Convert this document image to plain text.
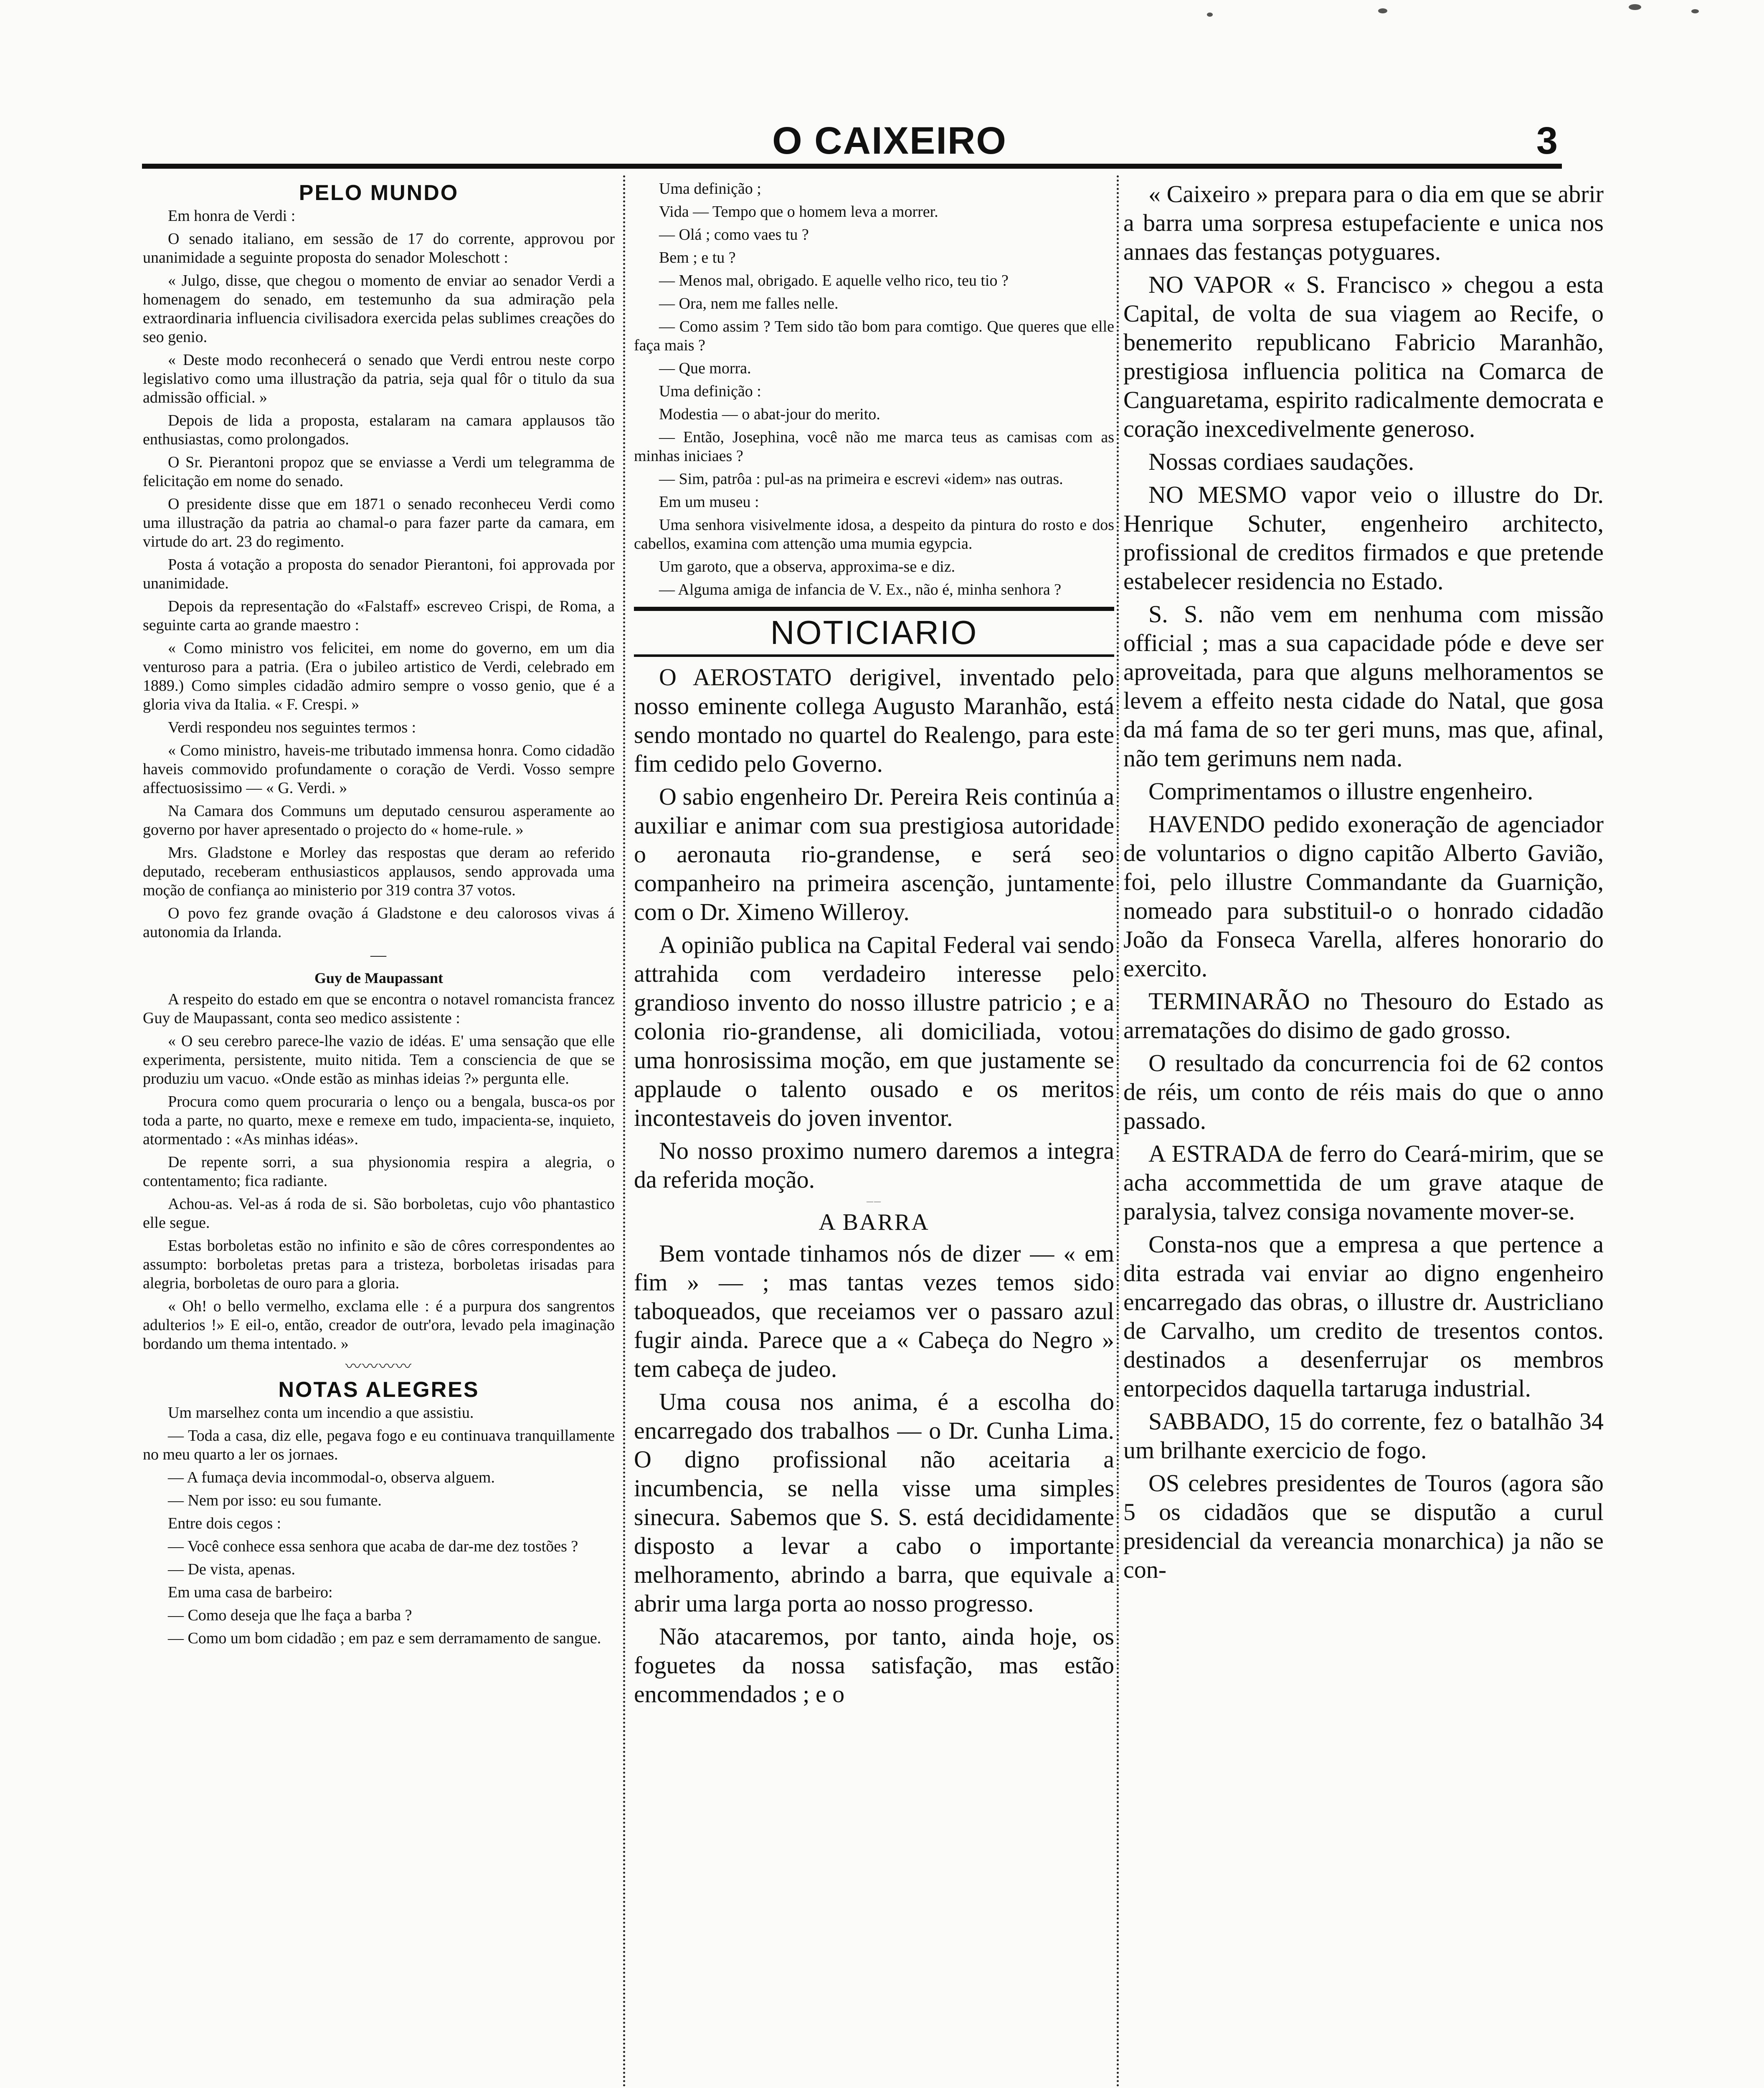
O CAIXEIRO	3
PELO MUNDO

Em honra de Verdi :

O senado italiano, em sessão de 17 do corrente, approvou por unanimidade a seguinte proposta do senador Moleschott :

« Julgo, disse, que chegou o momento de enviar ao senador Verdi a homenagem do senado, em testemunho da sua admiração pela extraordinaria influencia civilisadora exercida pelas sublimes creações do seo genio.

« Deste modo reconhecerá o senado que Verdi entrou neste corpo legislativo como uma illustração da patria, seja qual fôr o titulo da sua admissão official. »

Depois de lida a proposta, estalaram na camara applausos tão enthusiastas, como prolongados.

O Sr. Pierantoni propoz que se enviasse a Verdi um telegramma de felicitação em nome do senado.

O presidente disse que em 1871 o senado reconheceu Verdi como uma illustração da patria ao chamal-o para fazer parte da camara, em virtude do art. 23 do regimento.

Posta á votação a proposta do senador Pierantoni, foi approvada por unanimidade.

Depois da representação do «Falstaff» escreveo Crispi, de Roma, a seguinte carta ao grande maestro :

« Como ministro vos felicitei, em nome do governo, em um dia venturoso para a patria. (Era o jubileo artistico de Verdi, celebrado em 1889.) Como simples cidadão admiro sempre o vosso genio, que é a gloria viva da Italia. « F. Crespi. »

Verdi respondeu nos seguintes termos :

« Como ministro, haveis-me tributado immensa honra. Como cidadão haveis commovido profundamente o coração de Verdi. Vosso sempre affectuosissimo — « G. Verdi. »

Na Camara dos Communs um deputado censurou asperamente ao governo por haver apresentado o projecto do « home-rule. »

Mrs. Gladstone e Morley das respostas que deram ao referido deputado, receberam enthusiasticos applausos, sendo approvada uma moção de confiança ao ministerio por 319 contra 37 votos.

O povo fez grande ovação á Gladstone e deu calorosos vivas á autonomia da Irlanda.

—
Guy de Maupassant

A respeito do estado em que se encontra o notavel romancista francez Guy de Maupassant, conta seo medico assistente :

« O seu cerebro parece-lhe vazio de idéas. E' uma sensação que elle experimenta, persistente, muito nitida. Tem a consciencia de que se produziu um vacuo. «Onde estão as minhas ideias ?» pergunta elle.

Procura como quem procuraria o lenço ou a bengala, busca-os por toda a parte, no quarto, mexe e remexe em tudo, impacienta-se, inquieto, atormentado : «As minhas idéas».

De repente sorri, a sua physionomia respira a alegria, o contentamento; fica radiante.

Achou-as. Vel-as á roda de si. São borboletas, cujo vôo phantastico elle segue.

Estas borboletas estão no infinito e são de côres correspondentes ao assumpto: borboletas pretas para a tristeza, borboletas irisadas para alegria, borboletas de ouro para a gloria.

« Oh! o bello vermelho, exclama elle : é a purpura dos sangrentos adulterios !» E eil-o, então, creador de outr'ora, levado pela imaginação bordando um thema intentado. »

〰〰〰〰
NOTAS ALEGRES

Um marselhez conta um incendio a que assistiu.

— Toda a casa, diz elle, pegava fogo e eu continuava tranquillamente no meu quarto a ler os jornaes.

— A fumaça devia incommodal-o, observa alguem.

— Nem por isso: eu sou fumante.

Entre dois cegos :

— Você conhece essa senhora que acaba de dar-me dez tostões ?

— De vista, apenas.

Em uma casa de barbeiro:

— Como deseja que lhe faça a barba ?

— Como um bom cidadão ; em paz e sem derramamento de sangue.

Uma definição ;

Vida — Tempo que o homem leva a morrer.

— Olá ; como vaes tu ?

Bem ; e tu ?

— Menos mal, obrigado. E aquelle velho rico, teu tio ?

— Ora, nem me falles nelle.

— Como assim ? Tem sido tão bom para comtigo. Que queres que elle faça mais ?

— Que morra.

Uma definição :

Modestia — o abat-jour do merito.

— Então, Josephina, você não me marca teus as camisas com as minhas iniciaes ?

— Sim, patrôa : pul-as na primeira e escrevi «idem» nas outras.

Em um museu :

Uma senhora visivelmente idosa, a despeito da pintura do rosto e dos cabellos, examina com attenção uma mumia egypcia.

Um garoto, que a observa, approxima-se e diz.

— Alguma amiga de infancia de V. Ex., não é, minha senhora ?

NOTICIARIO

O AEROSTATO derigivel, inventado pelo nosso eminente collega Augusto Maranhão, está sendo montado no quartel do Realengo, para este fim cedido pelo Governo.

O sabio engenheiro Dr. Pereira Reis continúa a auxiliar e animar com sua prestigiosa autoridade o aeronauta rio-grandense, e será seo companheiro na primeira ascenção, juntamente com o Dr. Ximeno Willeroy.

A opinião publica na Capital Federal vai sendo attrahida com verdadeiro interesse pelo grandioso invento do nosso illustre patricio ; e a colonia rio-grandense, ali domiciliada, votou uma honrosissima moção, em que justamente se applaude o talento ousado e os meritos incontestaveis do joven inventor.

No nosso proximo numero daremos a integra da referida moção.

——
A BARRA

Bem vontade tinhamos nós de dizer — « em fim » — ; mas tantas vezes temos sido taboqueados, que receiamos ver o passaro azul fugir ainda. Parece que a « Cabeça do Negro » tem cabeça de judeo.

Uma cousa nos anima, é a escolha do encarregado dos trabalhos — o Dr. Cunha Lima. O digno profissional não aceitaria a incumbencia, se nella visse uma simples sinecura. Sabemos que S. S. está decididamente disposto a levar a cabo o importante melhoramento, abrindo a barra, que equivale a abrir uma larga porta ao nosso progresso.

Não atacaremos, por tanto, ainda hoje, os foguetes da nossa satisfação, mas estão encommendados ; e o

« Caixeiro » prepara para o dia em que se abrir a barra uma sorpresa estupefaciente e unica nos annaes das festanças potyguares.

NO VAPOR « S. Francisco » chegou a esta Capital, de volta de sua viagem ao Recife, o benemerito republicano Fabricio Maranhão, prestigiosa influencia politica na Comarca de Canguaretama, espirito radicalmente democrata e coração inexcedivelmente generoso.

Nossas cordiaes saudações.

NO MESMO vapor veio o illustre do Dr. Henrique Schuter, engenheiro architecto, profissional de creditos firmados e que pretende estabelecer residencia no Estado.

S. S. não vem em nenhuma com missão official ; mas a sua capacidade póde e deve ser aproveitada, para que alguns melhoramentos se levem a effeito nesta cidade do Natal, que gosa da má fama de so ter geri muns, mas que, afinal, não tem gerimuns nem nada.

Comprimentamos o illustre engenheiro.

HAVENDO pedido exoneração de agenciador de voluntarios o digno capitão Alberto Gavião, foi, pelo illustre Commandante da Guarnição, nomeado para substituil-o o honrado cidadão João da Fonseca Varella, alferes honorario do exercito.

TERMINARÃO no Thesouro do Estado as arrematações do disimo de gado grosso.

O resultado da concurrencia foi de 62 contos de réis, um conto de réis mais do que o anno passado.

A ESTRADA de ferro do Ceará-mirim, que se acha accommettida de um grave ataque de paralysia, talvez consiga novamente mover-se.

Consta-nos que a empresa a que pertence a dita estrada vai enviar ao digno engenheiro encarregado das obras, o illustre dr. Austricliano de Carvalho, um credito de tresentos contos. destinados a desenferrujar os membros entorpecidos daquella tartaruga industrial.

SABBADO, 15 do corrente, fez o batalhão 34 um brilhante exercicio de fogo.

OS celebres presidentes de Touros (agora são 5 os cidadãos que se disputão a curul presidencial da vereancia monarchica) ja não se con-
